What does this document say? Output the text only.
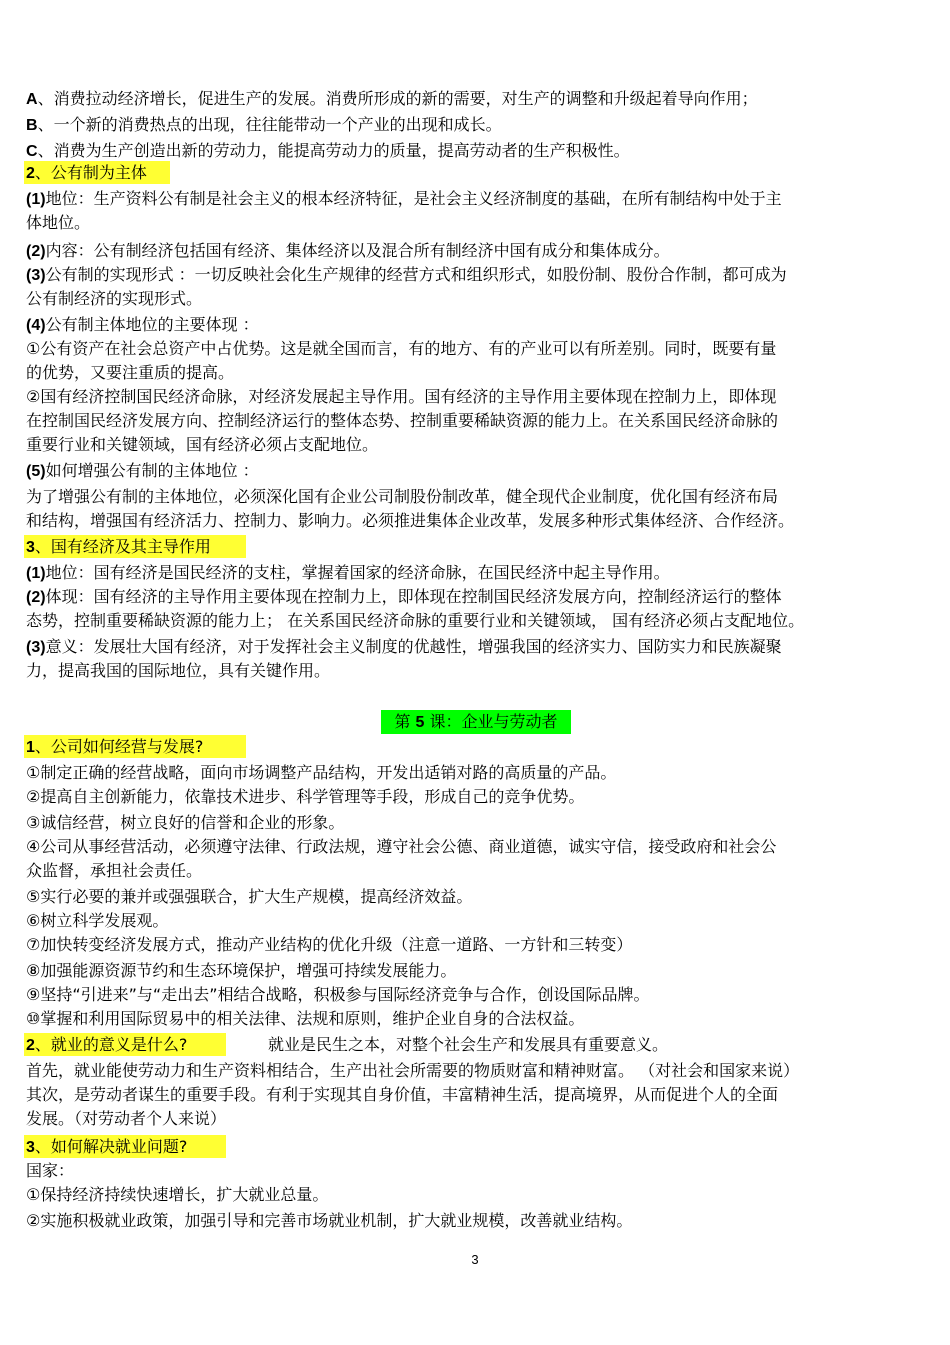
A、消费拉动经济增长，促进生产的发展。消费所形成的新的需要，对生产的调整和升级起着导向作用；
B、一个新的消费热点的出现，往往能带动一个产业的出现和成长。
C、消费为生产创造出新的劳动力，能提高劳动力的质量，提高劳动者的生产积极性。
(1)地位：生产资料公有制是社会主义的根本经济特征，是社会主义经济制度的基础，在所有制结构中处于主
体地位。
(2)内容：公有制经济包括国有经济、集体经济以及混合所有制经济中国有成分和集体成分。
(3)公有制的实现形式 ：一切反映社会化生产规律的经营方式和组织形式，如股份制、股份合作制，都可成为
公有制经济的实现形式。
(4)公有制主体地位的主要体现 ：
①公有资产在社会总资产中占优势。这是就全国而言，有的地方、有的产业可以有所差别。同时，既要有量
的优势，又要注重质的提高。
②国有经济控制国民经济命脉，对经济发展起主导作用。国有经济的主导作用主要体现在控制力上，即体现
在控制国民经济发展方向、控制经济运行的整体态势、控制重要稀缺资源的能力上。在关系国民经济命脉的
重要行业和关键领域，国有经济必须占支配地位。
(5)如何增强公有制的主体地位 ：
为了增强公有制的主体地位，必须深化国有企业公司制股份制改革，健全现代企业制度，优化国有经济布局
和结构，增强国有经济活力、控制力、影响力。必须推进集体企业改革，发展多种形式集体经济、合作经济。
(1)地位：国有经济是国民经济的支柱，掌握着国家的经济命脉，在国民经济中起主导作用。
(2)体现：国有经济的主导作用主要体现在控制力上，即体现在控制国民经济发展方向，控制经济运行的整体
态势，控制重要稀缺资源的能力上； 在关系国民经济命脉的重要行业和关键领域， 国有经济必须占支配地位。
(3)意义：发展壮大国有经济，对于发挥社会主义制度的优越性，增强我国的经济实力、国防实力和民族凝聚
力，提高我国的国际地位，具有关键作用。
①制定正确的经营战略，面向市场调整产品结构，开发出适销对路的高质量的产品。
②提高自主创新能力，依靠技术进步、科学管理等手段，形成自己的竞争优势。
③诚信经营，树立良好的信誉和企业的形象。
④公司从事经营活动，必须遵守法律、行政法规，遵守社会公德、商业道德，诚实守信，接受政府和社会公
众监督，承担社会责任。
⑤实行必要的兼并或强强联合，扩大生产规模，提高经济效益。
⑥树立科学发展观。
⑦加快转变经济发展方式，推动产业结构的优化升级（注意一道路、一方针和三转变）
⑧加强能源资源节约和生态环境保护，增强可持续发展能力。
⑨坚持“引进来”与“走出去”相结合战略，积极参与国际经济竞争与合作，创设国际品牌。
⑩掌握和利用国际贸易中的相关法律、法规和原则，维护企业自身的合法权益。
首先，就业能使劳动力和生产资料相结合，生产出社会所需要的物质财富和精神财富。 （对社会和国家来说）
其次，是劳动者谋生的重要手段。有利于实现其自身价值，丰富精神生活，提高境界，从而促进个人的全面
发展。（对劳动者个人来说）
国家：
①保持经济持续快速增长，扩大就业总量。
②实施积极就业政策，加强引导和完善市场就业机制，扩大就业规模，改善就业结构。
2、公有制为主体
3、国有经济及其主导作用
1、公司如何经营与发展?
2、就业的意义是什么?
3、如何解决就业问题?
就业是民生之本，对整个社会生产和发展具有重要意义。
第 5 课：企业与劳动者
3
